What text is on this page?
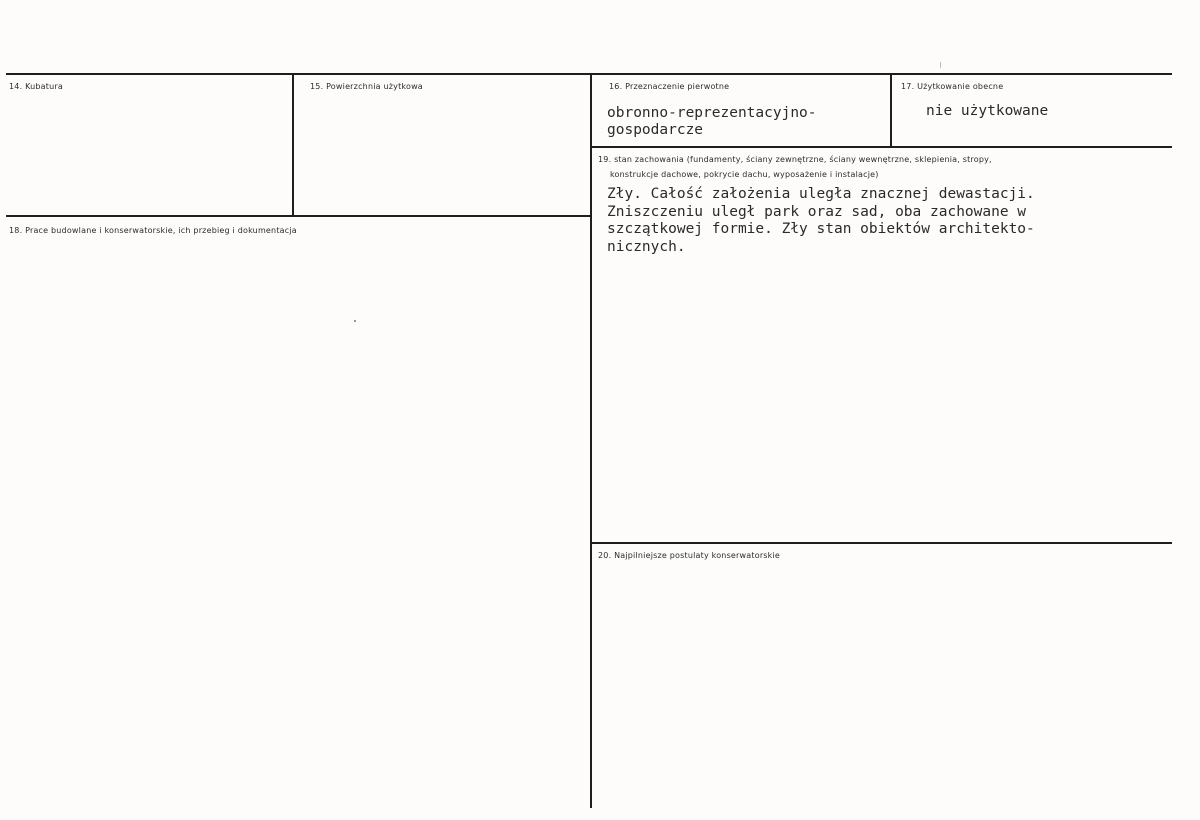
14. Kubatura	15. Powierzchnia użytkowa	16. Przeznaczenie pierwotne
obronno-reprezentacyjno-
gospodarcze
17. Użytkowanie obecne
nie użytkowane
18. Prace budowlane i konserwatorskie, ich przebieg i dokumentacja
19. stan zachowania (fundamenty, ściany zewnętrzne, ściany wewnętrzne, sklepienia, stropy,
konstrukcje dachowe, pokrycie dachu, wyposażenie i instalacje)
Zły. Całość założenia uległa znacznej dewastacji.
Zniszczeniu uległ park oraz sad, oba zachowane w
szczątkowej formie. Zły stan obiektów architekto-
nicznych.
20. Najpilniejsze postulaty konserwatorskie
